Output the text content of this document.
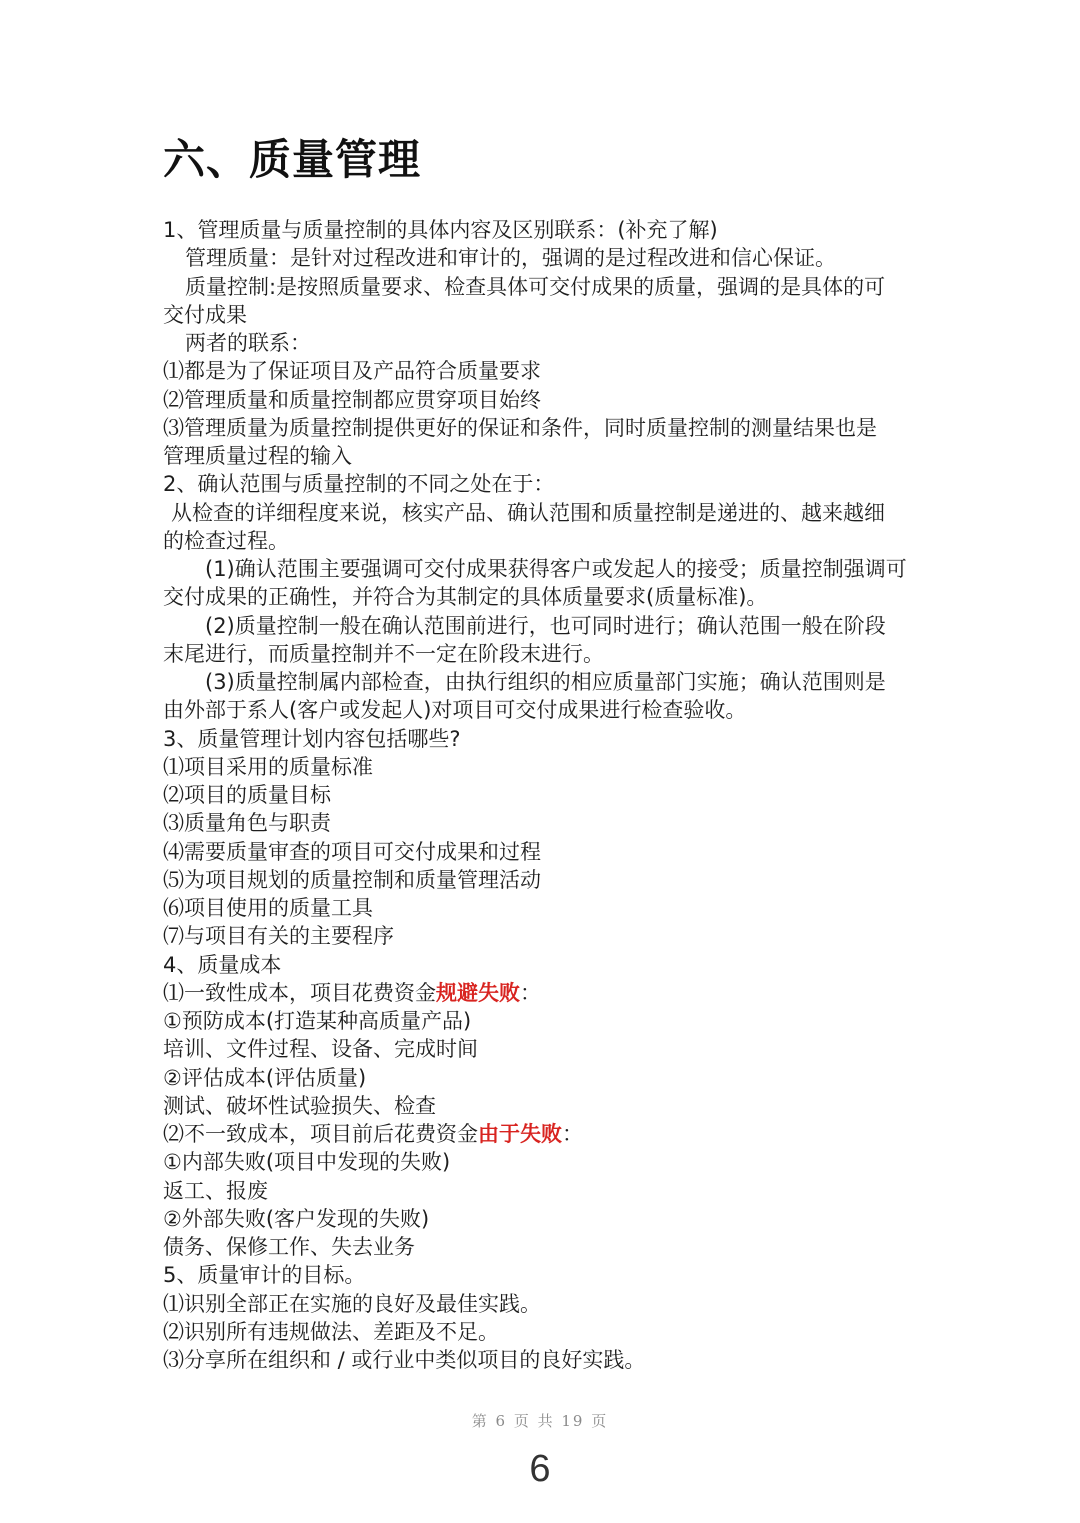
六、质量管理
1、管理质量与质量控制的具体内容及区别联系：(补充了解)
管理质量：是针对过程改进和审计的，强调的是过程改进和信心保证。
质量控制:是按照质量要求、检查具体可交付成果的质量，强调的是具体的可
交付成果
两者的联系：
⑴都是为了保证项目及产品符合质量要求
⑵管理质量和质量控制都应贯穿项目始终
⑶管理质量为质量控制提供更好的保证和条件，同时质量控制的测量结果也是
管理质量过程的输入
2、确认范围与质量控制的不同之处在于：
从检查的详细程度来说，核实产品、确认范围和质量控制是递进的、越来越细
的检查过程。
(1)确认范围主要强调可交付成果获得客户或发起人的接受；质量控制强调可
交付成果的正确性，并符合为其制定的具体质量要求(质量标准)。
(2)质量控制一般在确认范围前进行，也可同时进行；确认范围一般在阶段
末尾进行，而质量控制并不一定在阶段末进行。
(3)质量控制属内部检查，由执行组织的相应质量部门实施；确认范围则是
由外部于系人(客户或发起人)对项目可交付成果进行检查验收。
3、质量管理计划内容包括哪些?
⑴项目采用的质量标准
⑵项目的质量目标
⑶质量角色与职责
⑷需要质量审查的项目可交付成果和过程
⑸为项目规划的质量控制和质量管理活动
⑹项目使用的质量工具
⑺与项目有关的主要程序
4、质量成本
⑴一致性成本，项目花费资金规避失败：
①预防成本(打造某种高质量产品)
培训、文件过程、设备、完成时间
②评估成本(评估质量)
测试、破坏性试验损失、检查
⑵不一致成本，项目前后花费资金由于失败：
①内部失败(项目中发现的失败)
返工、报废
②外部失败(客户发现的失败)
债务、保修工作、失去业务
5、质量审计的目标。
⑴识别全部正在实施的良好及最佳实践。
⑵识别所有违规做法、差距及不足。
⑶分享所在组织和 / 或行业中类似项目的良好实践。
第 6 页 共 19 页
6
